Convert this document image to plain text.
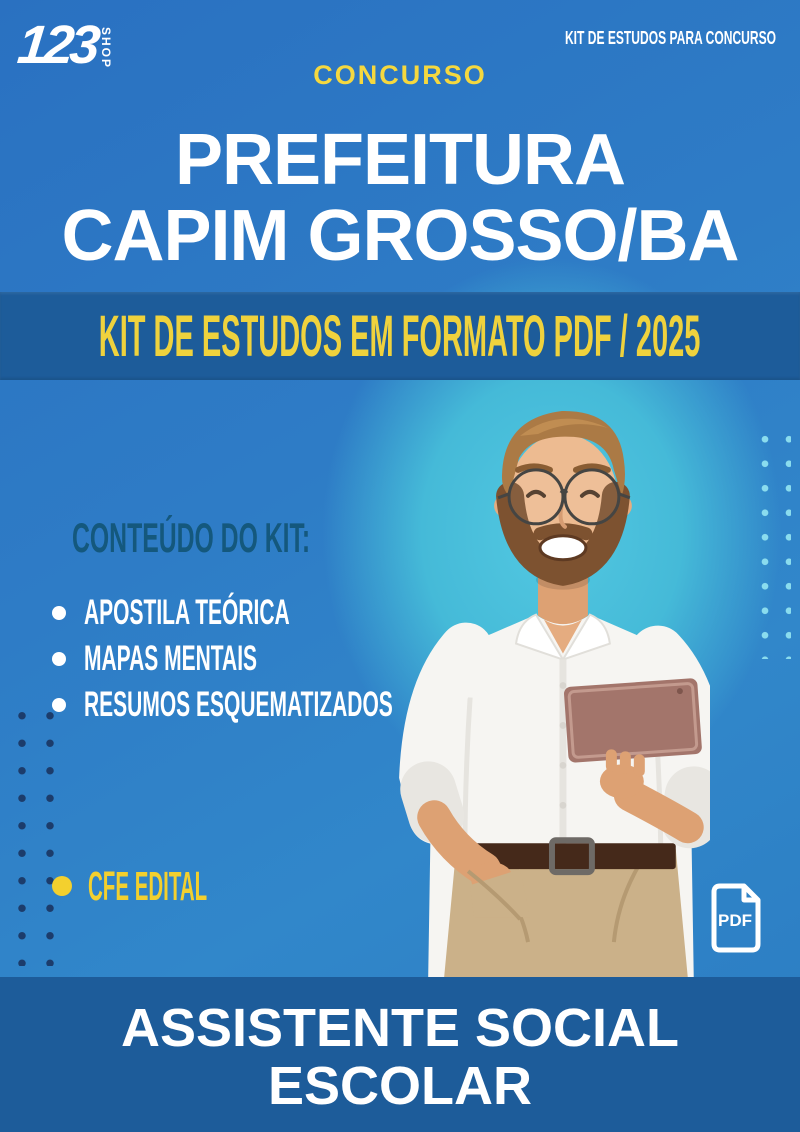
123 SHOP	KIT DE ESTUDOS PARA CONCURSO
CONCURSO
PREFEITURA
CAPIM GROSSO/BA
KIT DE ESTUDOS EM FORMATO PDF / 2025
CONTEÚDO DO KIT:
APOSTILA TEÓRICA
MAPAS MENTAIS
RESUMOS ESQUEMATIZADOS
CFE EDITAL
PDF
ASSISTENTE SOCIAL
ESCOLAR
